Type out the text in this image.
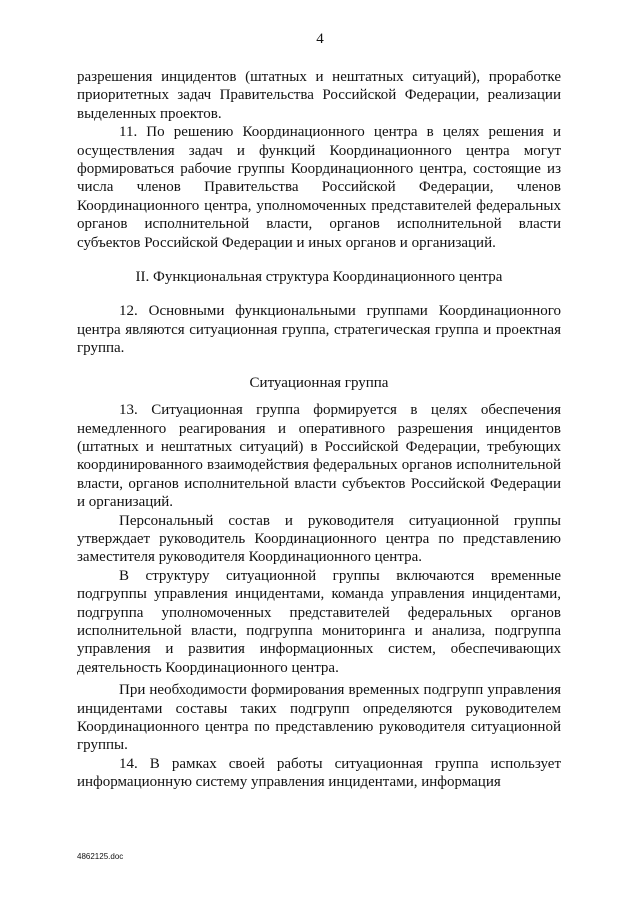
4

разрешения инцидентов (штатных и нештатных ситуаций), проработке приоритетных задач Правительства Российской Федерации, реализации выделенных проектов.

11. По решению Координационного центра в целях решения и осуществления задач и функций Координационного центра могут формироваться рабочие группы Координационного центра, состоящие из числа членов Правительства Российской Федерации, членов Координационного центра, уполномоченных представителей федеральных органов исполнительной власти, органов исполнительной власти субъектов Российской Федерации и иных органов и организаций.

II. Функциональная структура Координационного центра

12. Основными функциональными группами Координационного центра являются ситуационная группа, стратегическая группа и проектная группа.

Ситуационная группа

13. Ситуационная группа формируется в целях обеспечения немедленного реагирования и оперативного разрешения инцидентов (штатных и нештатных ситуаций) в Российской Федерации, требующих координированного взаимодействия федеральных органов исполнительной власти, органов исполнительной власти субъектов Российской Федерации и организаций.

Персональный состав и руководителя ситуационной группы утверждает руководитель Координационного центра по представлению заместителя руководителя Координационного центра.

В структуру ситуационной группы включаются временные подгруппы управления инцидентами, команда управления инцидентами, подгруппа уполномоченных представителей федеральных органов исполнительной власти, подгруппа мониторинга и анализа, подгруппа управления и развития информационных систем, обеспечивающих деятельность Координационного центра.

При необходимости формирования временных подгрупп управления инцидентами составы таких подгрупп определяются руководителем Координационного центра по представлению руководителя ситуационной группы.

14. В рамках своей работы ситуационная группа использует информационную систему управления инцидентами, информация

4862125.doc
